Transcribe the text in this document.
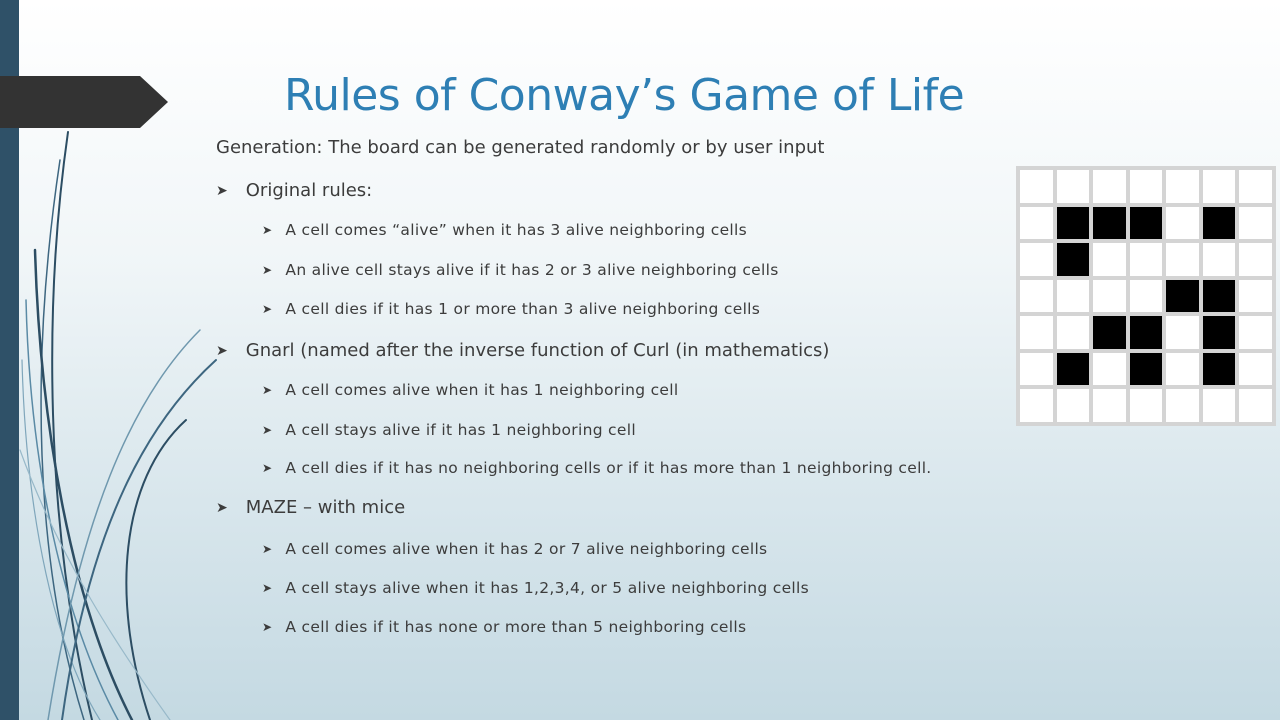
Rules of Conway’s Game of Life

Generation: The board can be generated randomly or by user input

➤ Original rules:

➤ A cell comes “alive” when it has 3 alive neighboring cells

➤ An alive cell stays alive if it has 2 or 3 alive neighboring cells

➤ A cell dies if it has 1 or more than 3 alive neighboring cells

➤ Gnarl (named after the inverse function of Curl (in mathematics)

➤ A cell comes alive when it has 1 neighboring cell

➤ A cell stays alive if it has 1 neighboring cell

➤ A cell dies if it has no neighboring cells or if it has more than 1 neighboring cell.

➤ MAZE – with mice

➤ A cell comes alive when it has 2 or 7 alive neighboring cells

➤ A cell stays alive when it has 1,2,3,4, or 5 alive neighboring cells

➤ A cell dies if it has none or more than 5 neighboring cells
